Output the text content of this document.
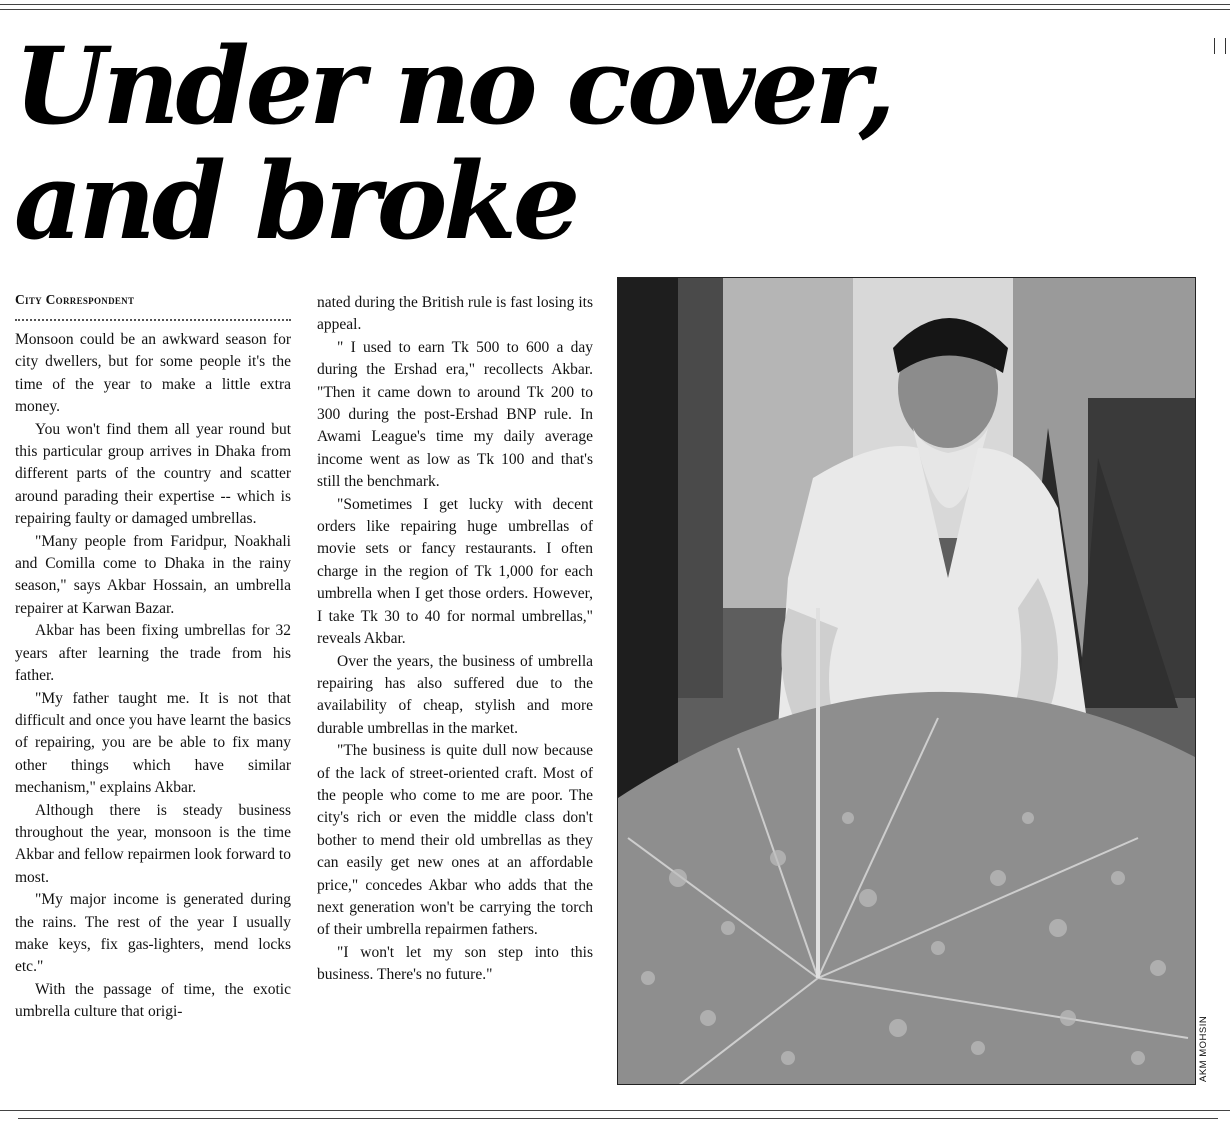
Under no cover,
and broke
City Correspondent

Monsoon could be an awkward season for city dwellers, but for some people it's the time of the year to make a little extra money.

You won't find them all year round but this particular group arrives in Dhaka from different parts of the country and scatter around parading their expertise -- which is repairing faulty or damaged umbrellas.

"Many people from Faridpur, Noakhali and Comilla come to Dhaka in the rainy season," says Akbar Hossain, an umbrella repairer at Karwan Bazar.

Akbar has been fixing umbrellas for 32 years after learning the trade from his father.

"My father taught me. It is not that difficult and once you have learnt the basics of repairing, you are be able to fix many other things which have similar mechanism," explains Akbar.

Although there is steady business throughout the year, monsoon is the time Akbar and fellow repairmen look forward to most.

"My major income is generated during the rains. The rest of the year I usually make keys, fix gas-lighters, mend locks etc."

With the passage of time, the exotic umbrella culture that origi-

nated during the British rule is fast losing its appeal.

" I used to earn Tk 500 to 600 a day during the Ershad era," recollects Akbar. "Then it came down to around Tk 200 to 300 during the post-Ershad BNP rule. In Awami League's time my daily average income went as low as Tk 100 and that's still the benchmark.

"Sometimes I get lucky with decent orders like repairing huge umbrellas of movie sets or fancy restaurants. I often charge in the region of Tk 1,000 for each umbrella when I get those orders. However, I take Tk 30 to 40 for normal umbrellas," reveals Akbar.

Over the years, the business of umbrella repairing has also suffered due to the availability of cheap, stylish and more durable umbrellas in the market.

"The business is quite dull now because of the lack of street-oriented craft. Most of the people who come to me are poor. The city's rich or even the middle class don't bother to mend their old umbrellas as they can easily get new ones at an affordable price," concedes Akbar who adds that the next generation won't be carrying the torch of their umbrella repairmen fathers.

"I won't let my son step into this business. There's no future."

AKM MOHSIN
